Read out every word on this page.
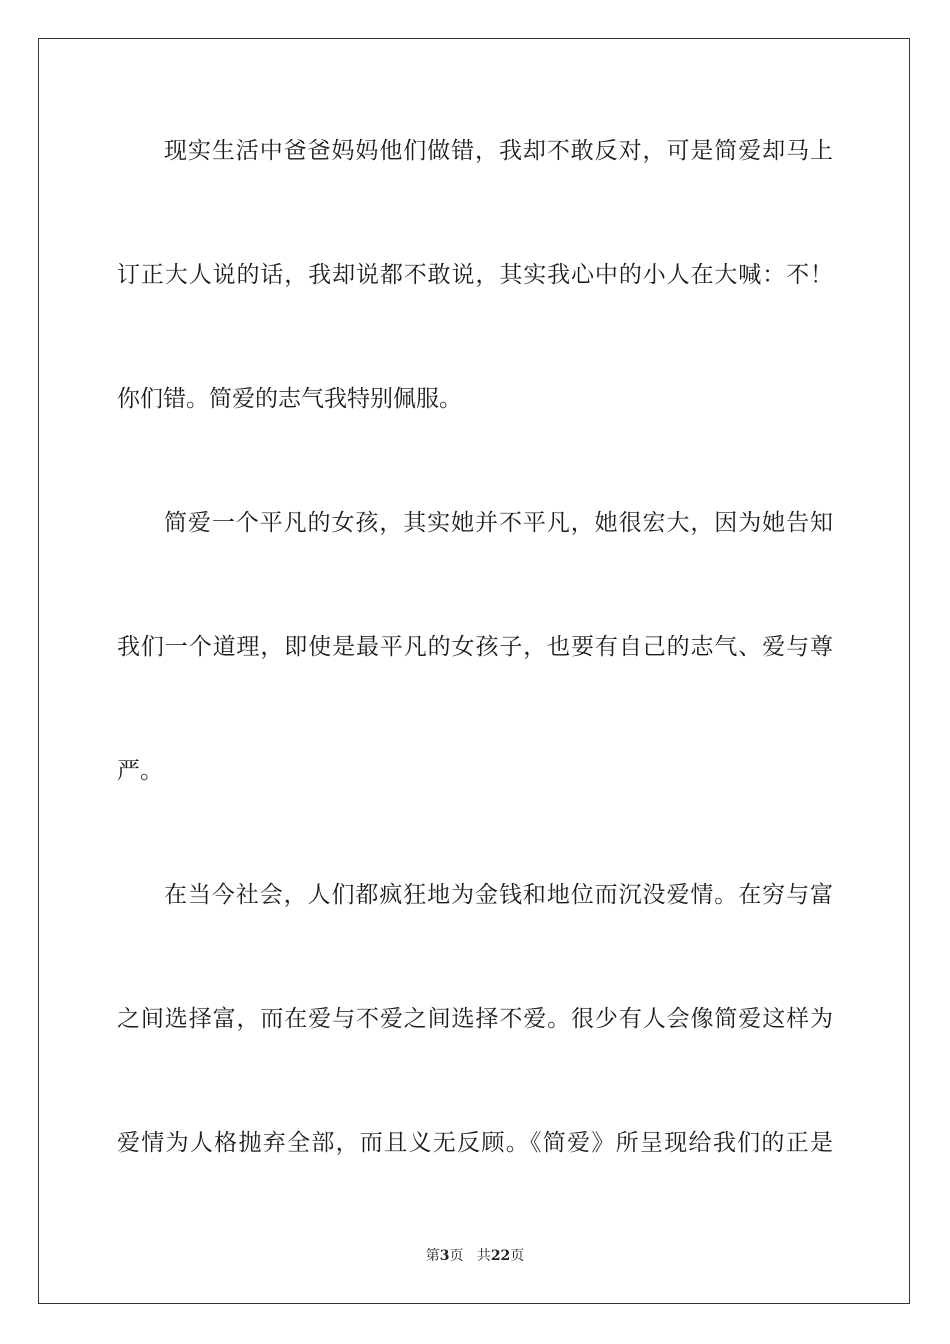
现实生活中爸爸妈妈他们做错，我却不敢反对，可是简爱却马上
订正大人说的话，我却说都不敢说，其实我心中的小人在大喊：不！
你们错。简爱的志气我特别佩服。
简爱一个平凡的女孩，其实她并不平凡，她很宏大，因为她告知
我们一个道理，即使是最平凡的女孩子，也要有自己的志气、爱与尊
严。
在当今社会，人们都疯狂地为金钱和地位而沉没爱情。在穷与富
之间选择富，而在爱与不爱之间选择不爱。很少有人会像简爱这样为
爱情为人格抛弃全部，而且义无反顾。《简爱》所呈现给我们的正是
第3页 共22页
